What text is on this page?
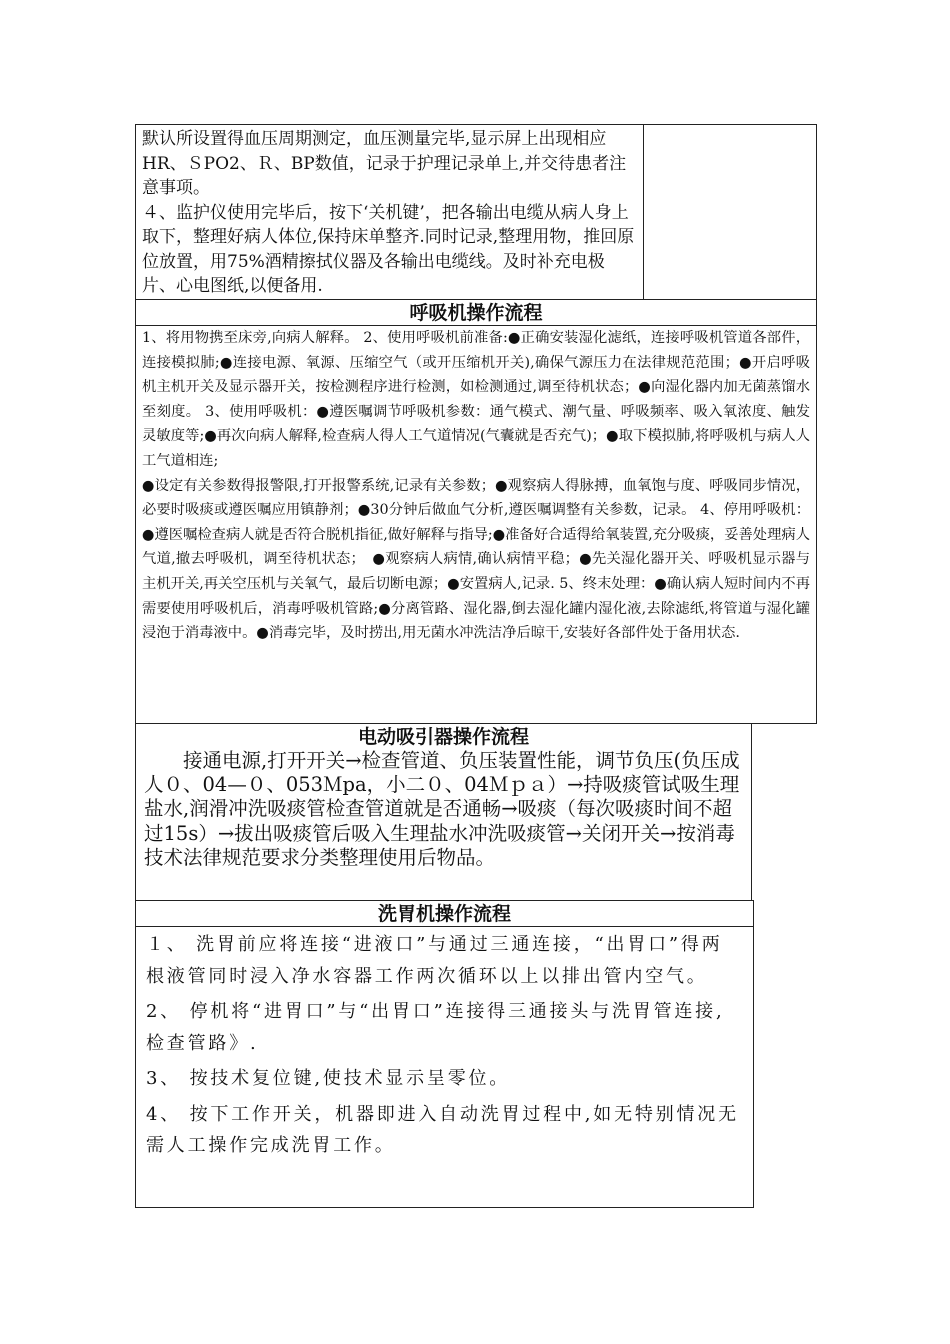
默认所设置得血压周期测定，血压测量完毕,显示屏上出现相应HR、ＳPO2、Ｒ、BP数值，记录于护理记录单上,并交待患者注意事项。

４、监护仪使用完毕后，按下‘关机键’，把各输出电缆从病人身上取下，整理好病人体位,保持床单整齐.同时记录,整理用物，推回原位放置，用75%酒精擦拭仪器及各输出电缆线。及时补充电极片、心电图纸,以便备用.

呼吸机操作流程

1、将用物携至床旁,向病人解释。 2、使用呼吸机前准备:●正确安装湿化滤纸，连接呼吸机管道各部件，连接模拟肺;●连接电源、氧源、压缩空气（或开压缩机开关),确保气源压力在法律规范范围；●开启呼吸机主机开关及显示器开关，按检测程序进行检测，如检测通过,调至待机状态；●向湿化器内加无菌蒸馏水至刻度。 3、使用呼吸机：●遵医嘱调节呼吸机参数：通气模式、潮气量、呼吸频率、吸入氧浓度、触发灵敏度等;●再次向病人解释,检查病人得人工气道情况(气囊就是否充气)；●取下模拟肺,将呼吸机与病人人工气道相连;

●设定有关参数得报警限,打开报警系统,记录有关参数；●观察病人得脉搏，血氧饱与度、呼吸同步情况，必要时吸痰或遵医嘱应用镇静剂；●30分钟后做血气分析,遵医嘱调整有关参数，记录。 4、停用呼吸机：●遵医嘱检查病人就是否符合脱机指征,做好解释与指导;●准备好合适得给氧装置,充分吸痰，妥善处理病人气道,撤去呼吸机，调至待机状态；　●观察病人病情,确认病情平稳；●先关湿化器开关、呼吸机显示器与主机开关,再关空压机与关氧气，最后切断电源；●安置病人,记录. 5、终末处理：●确认病人短时间内不再需要使用呼吸机后，消毒呼吸机管路;●分离管路、湿化器,倒去湿化罐内湿化液,去除滤纸,将管道与湿化罐浸泡于消毒液中。●消毒完毕，及时捞出,用无菌水冲洗洁净后晾干,安装好各部件处于备用状态.

电动吸引器操作流程

接通电源,打开开关→检查管道、负压装置性能，调节负压(负压成人０、04—０、053Ｍpa，小二０、04Ｍｐａ）→持吸痰管试吸生理盐水,润滑冲洗吸痰管检查管道就是否通畅→吸痰（每次吸痰时间不超过15s）→拔出吸痰管后吸入生理盐水冲洗吸痰管→关闭开关→按消毒技术法律规范要求分类整理使用后物品。

洗胃机操作流程

１、 洗胃前应将连接“进液口”与通过三通连接，“出胃口”得两根液管同时浸入净水容器工作两次循环以上以排出管内空气。

2、 停机将“进胃口”与“出胃口”连接得三通接头与洗胃管连接,检查管路》.

3、 按技术复位键,使技术显示呈零位。

4、 按下工作开关，机器即进入自动洗胃过程中,如无特别情况无需人工操作完成洗胃工作。
